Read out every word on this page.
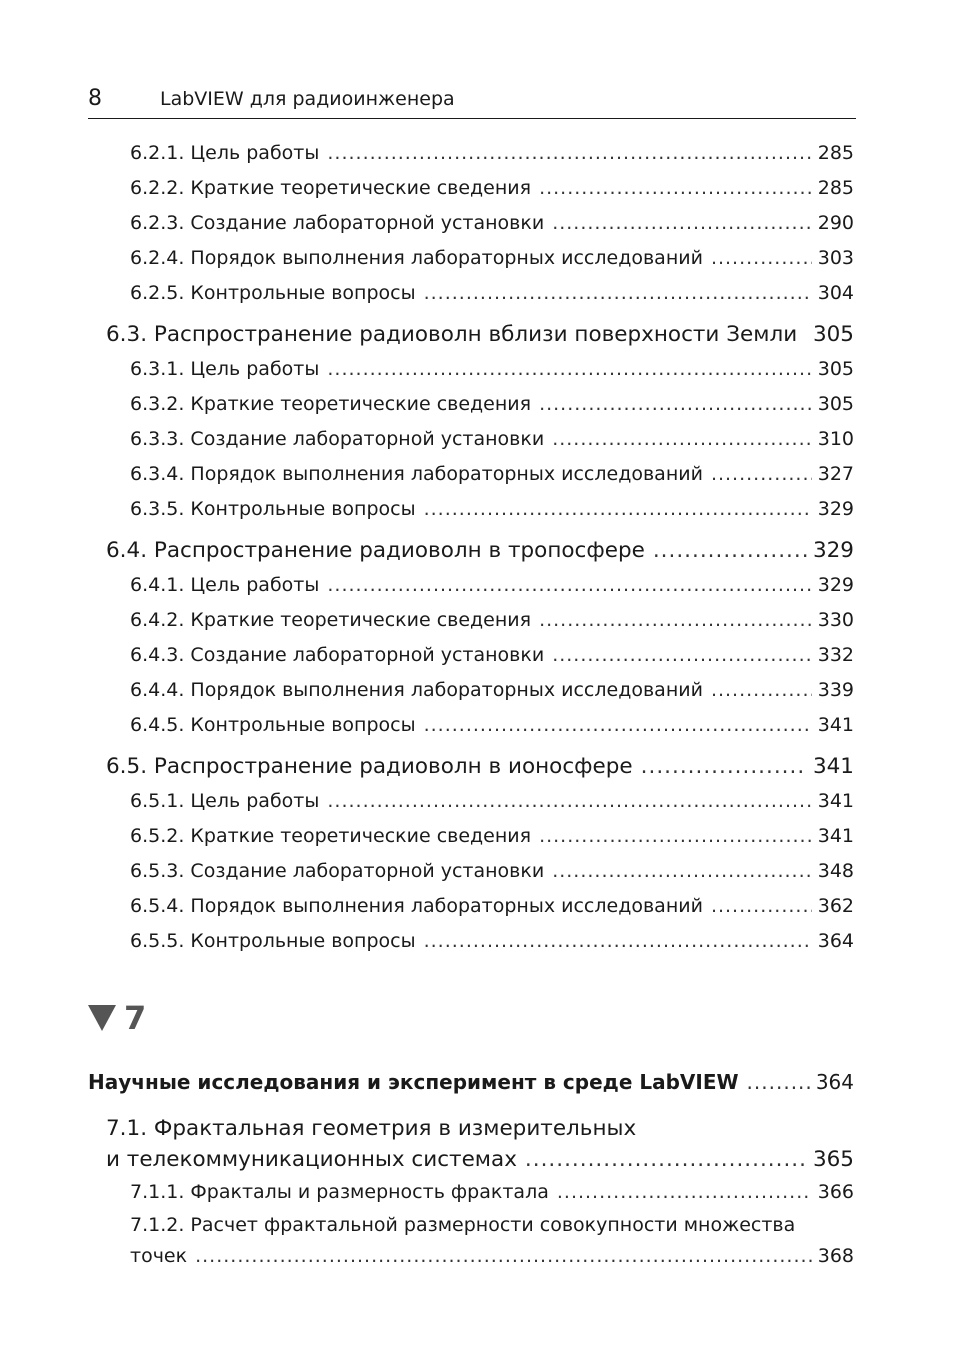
8	LabVIEW для радиоинженера
6.2.1. Цель работы .....	285
6.2.2. Краткие теоретические сведения .....	285
6.2.3. Создание лабораторной установки .....	290
6.2.4. Порядок выполнения лабораторных исследований .....	303
6.2.5. Контрольные вопросы .....	304
6.3. Распространение радиоволн вблизи поверхности Земли ..... 305
6.3.1. Цель работы .....	305
6.3.2. Краткие теоретические сведения .....	305
6.3.3. Создание лабораторной установки .....	310
6.3.4. Порядок выполнения лабораторных исследований .....	327
6.3.5. Контрольные вопросы .....	329
6.4. Распространение радиоволн в тропосфере .....	329
6.4.1. Цель работы .....	329
6.4.2. Краткие теоретические сведения .....	330
6.4.3. Создание лабораторной установки .....	332
6.4.4. Порядок выполнения лабораторных исследований .....	339
6.4.5. Контрольные вопросы .....	341
6.5. Распространение радиоволн в ионосфере .....	341
6.5.1. Цель работы .....	341
6.5.2. Краткие теоретические сведения .....	341
6.5.3. Создание лабораторной установки .....	348
6.5.4. Порядок выполнения лабораторных исследований .....	362
6.5.5. Контрольные вопросы .....	364
7
Научные исследования и эксперимент в среде LabVIEW .....	364
7.1. Фрактальная геометрия в измерительных
и телекоммуникационных системах .....	365
7.1.1. Фракталы и размерность фрактала .....	366
7.1.2. Расчет фрактальной размерности совокупности множества
точек .....	368
